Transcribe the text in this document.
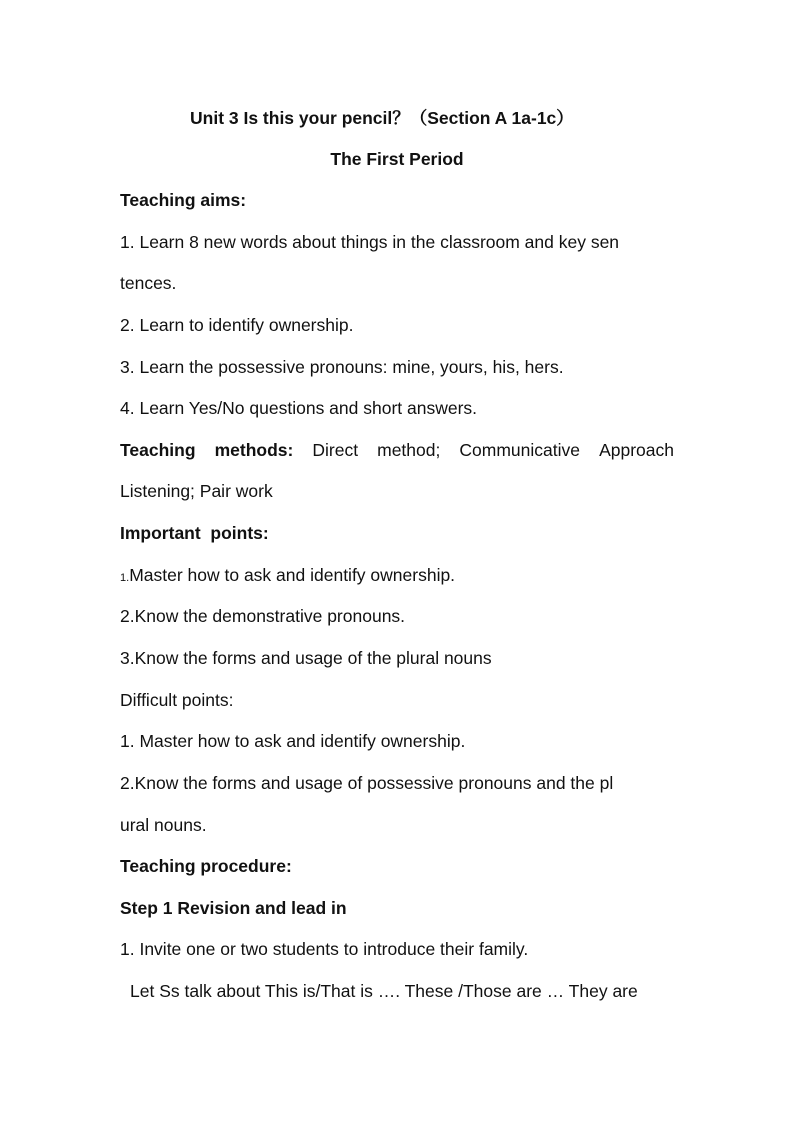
Unit 3 Is this your pencil？（Section A 1a-1c）
The First Period
Teaching aims:
1. Learn 8 new words about things in the classroom and key sen
tences.
2. Learn to identify ownership.
3. Learn the possessive pronouns: mine, yours, his, hers.
4. Learn Yes/No questions and short answers.
Teaching methods: Direct method; Communicative Approach
Listening; Pair work
Important  points:
1.Master how to ask and identify ownership.
2.Know the demonstrative pronouns.
3.Know the forms and usage of the plural nouns
Difficult points:
1. Master how to ask and identify ownership.
2.Know the forms and usage of possessive pronouns and the pl
ural nouns.
Teaching procedure:
Step 1 Revision and lead in
1. Invite one or two students to introduce their family.
Let Ss talk about This is/That is …. These /Those are … They are
